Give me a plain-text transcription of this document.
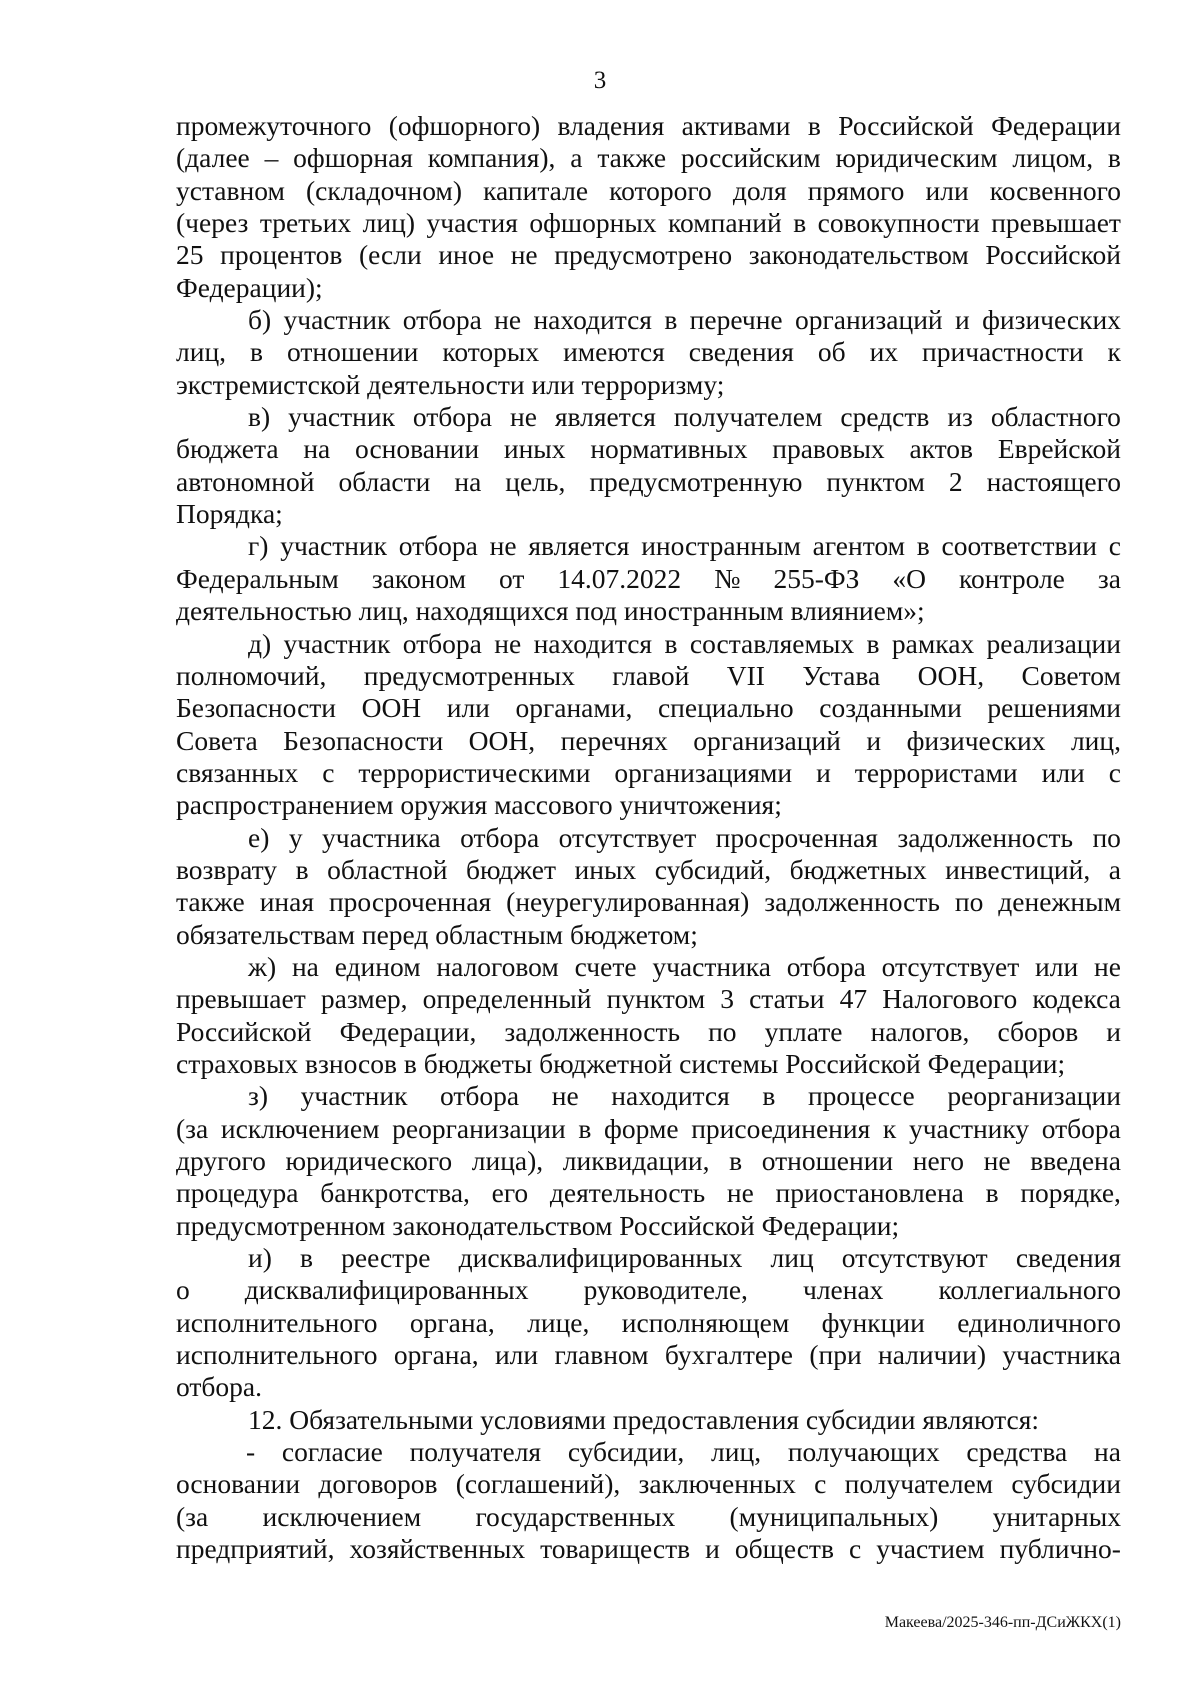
3
промежуточного (офшорного) владения активами в Российской Федерации
(далее – офшорная компания), а также российским юридическим лицом, в
уставном (складочном) капитале которого доля прямого или косвенного
(через третьих лиц) участия офшорных компаний в совокупности превышает
25 процентов (если иное не предусмотрено законодательством Российской
Федерации);
б) участник отбора не находится в перечне организаций и физических
лиц, в отношении которых имеются сведения об их причастности к
экстремистской деятельности или терроризму;
в) участник отбора не является получателем средств из областного
бюджета на основании иных нормативных правовых актов Еврейской
автономной области на цель, предусмотренную пунктом 2 настоящего
Порядка;
г) участник отбора не является иностранным агентом в соответствии с
Федеральным законом от 14.07.2022 № 255-ФЗ «О контроле за
деятельностью лиц, находящихся под иностранным влиянием»;
д) участник отбора не находится в составляемых в рамках реализации
полномочий, предусмотренных главой VII Устава ООН, Советом
Безопасности ООН или органами, специально созданными решениями
Совета Безопасности ООН, перечнях организаций и физических лиц,
связанных с террористическими организациями и террористами или с
распространением оружия массового уничтожения;
е) у участника отбора отсутствует просроченная задолженность по
возврату в областной бюджет иных субсидий, бюджетных инвестиций, а
также иная просроченная (неурегулированная) задолженность по денежным
обязательствам перед областным бюджетом;
ж) на едином налоговом счете участника отбора отсутствует или не
превышает размер, определенный пунктом 3 статьи 47 Налогового кодекса
Российской Федерации, задолженность по уплате налогов, сборов и
страховых взносов в бюджеты бюджетной системы Российской Федерации;
з) участник отбора не находится в процессе реорганизации
(за исключением реорганизации в форме присоединения к участнику отбора
другого юридического лица), ликвидации, в отношении него не введена
процедура банкротства, его деятельность не приостановлена в порядке,
предусмотренном законодательством Российской Федерации;
и) в реестре дисквалифицированных лиц отсутствуют сведения
о дисквалифицированных руководителе, членах коллегиального
исполнительного органа, лице, исполняющем функции единоличного
исполнительного органа, или главном бухгалтере (при наличии) участника
отбора.
12. Обязательными условиями предоставления субсидии являются:
- согласие получателя субсидии, лиц, получающих средства на
основании договоров (соглашений), заключенных с получателем субсидии
(за исключением государственных (муниципальных) унитарных
предприятий, хозяйственных товариществ и обществ с участием публично-
Макеева/2025-346-пп-ДСиЖКХ(1)
